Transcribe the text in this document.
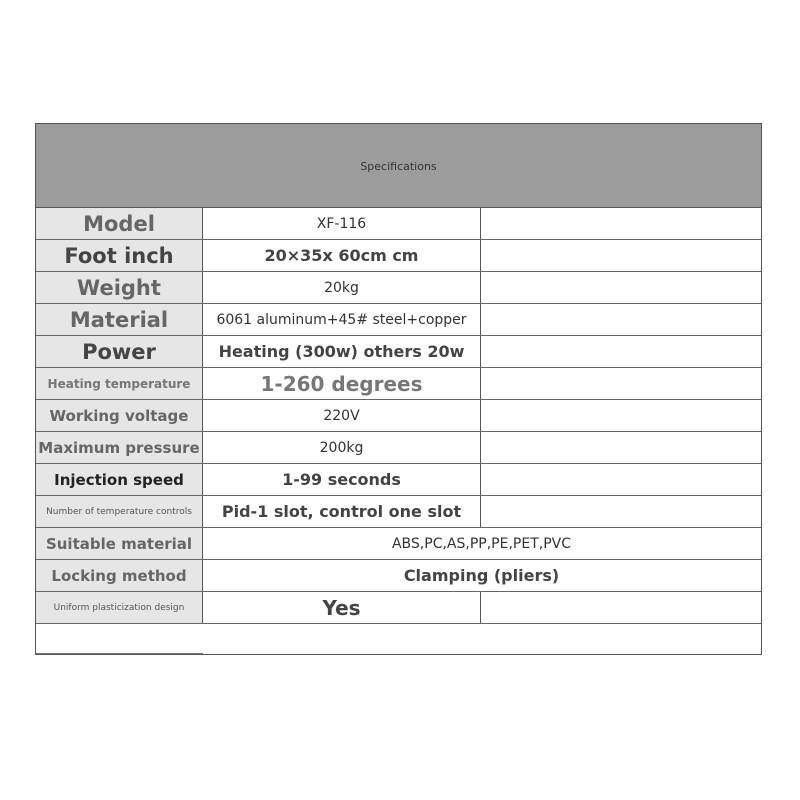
Specifications
Model	XF-116
Foot inch	20×35x 60cm cm
Weight	20kg
Material	6061 aluminum+45# steel+copper
Power	Heating (300w) others 20w
Heating temperature	1-260 degrees
Working voltage	220V
Maximum pressure	200kg
Injection speed	1-99 seconds
Number of temperature controls	Pid-1 slot, control one slot
Suitable material	ABS,PC,AS,PP,PE,PET,PVC
Locking method	Clamping (pliers)
Uniform plasticization design	Yes
